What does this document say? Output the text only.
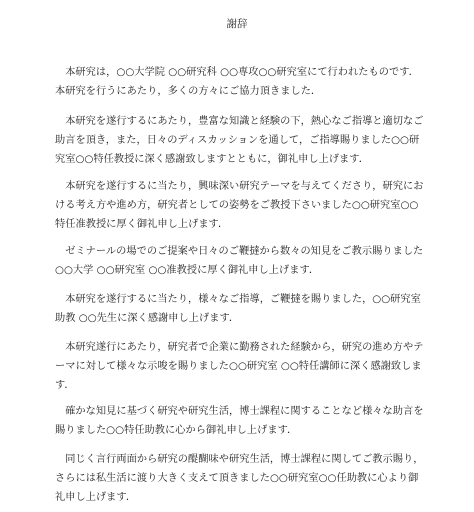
謝辞

本研究は，○○大学院 ○○研究科 ○○専攻○○研究室にて行われたものです．本研究を行うにあたり，多くの方々にご協力頂きました．

本研究を遂行するにあたり，豊富な知識と経験の下，熱心なご指導と適切なご助言を頂き，また，日々のディスカッションを通して，ご指導賜りました○○研究室○○特任教授に深く感謝致しますとともに，御礼申し上げます．

本研究を遂行するに当たり，興味深い研究テーマを与えてくださり，研究における考え方や進め方，研究者としての姿勢をご教授下さいました○○研究室○○特任准教授に厚く御礼申し上げます．

ゼミナールの場でのご提案や日々のご鞭撻から数々の知見をご教示賜りました○○大学 ○○研究室 ○○准教授に厚く御礼申し上げます．

本研究を遂行するに当たり，様々なご指導，ご鞭撻を賜りました，○○研究室助教 ○○先生に深く感謝申し上げます．

本研究遂行にあたり，研究者で企業に勤務された経験から，研究の進め方やテーマに対して様々な示唆を賜りました○○研究室 ○○特任講師に深く感謝致します．

確かな知見に基づく研究や研究生活，博士課程に関することなど様々な助言を賜りました○○特任助教に心から御礼申し上げます．

同じく言行両面から研究の醍醐味や研究生活，博士課程に関してご教示賜り，さらには私生活に渡り大きく支えて頂きました○○研究室○○任助教に心より御礼申し上げます．
